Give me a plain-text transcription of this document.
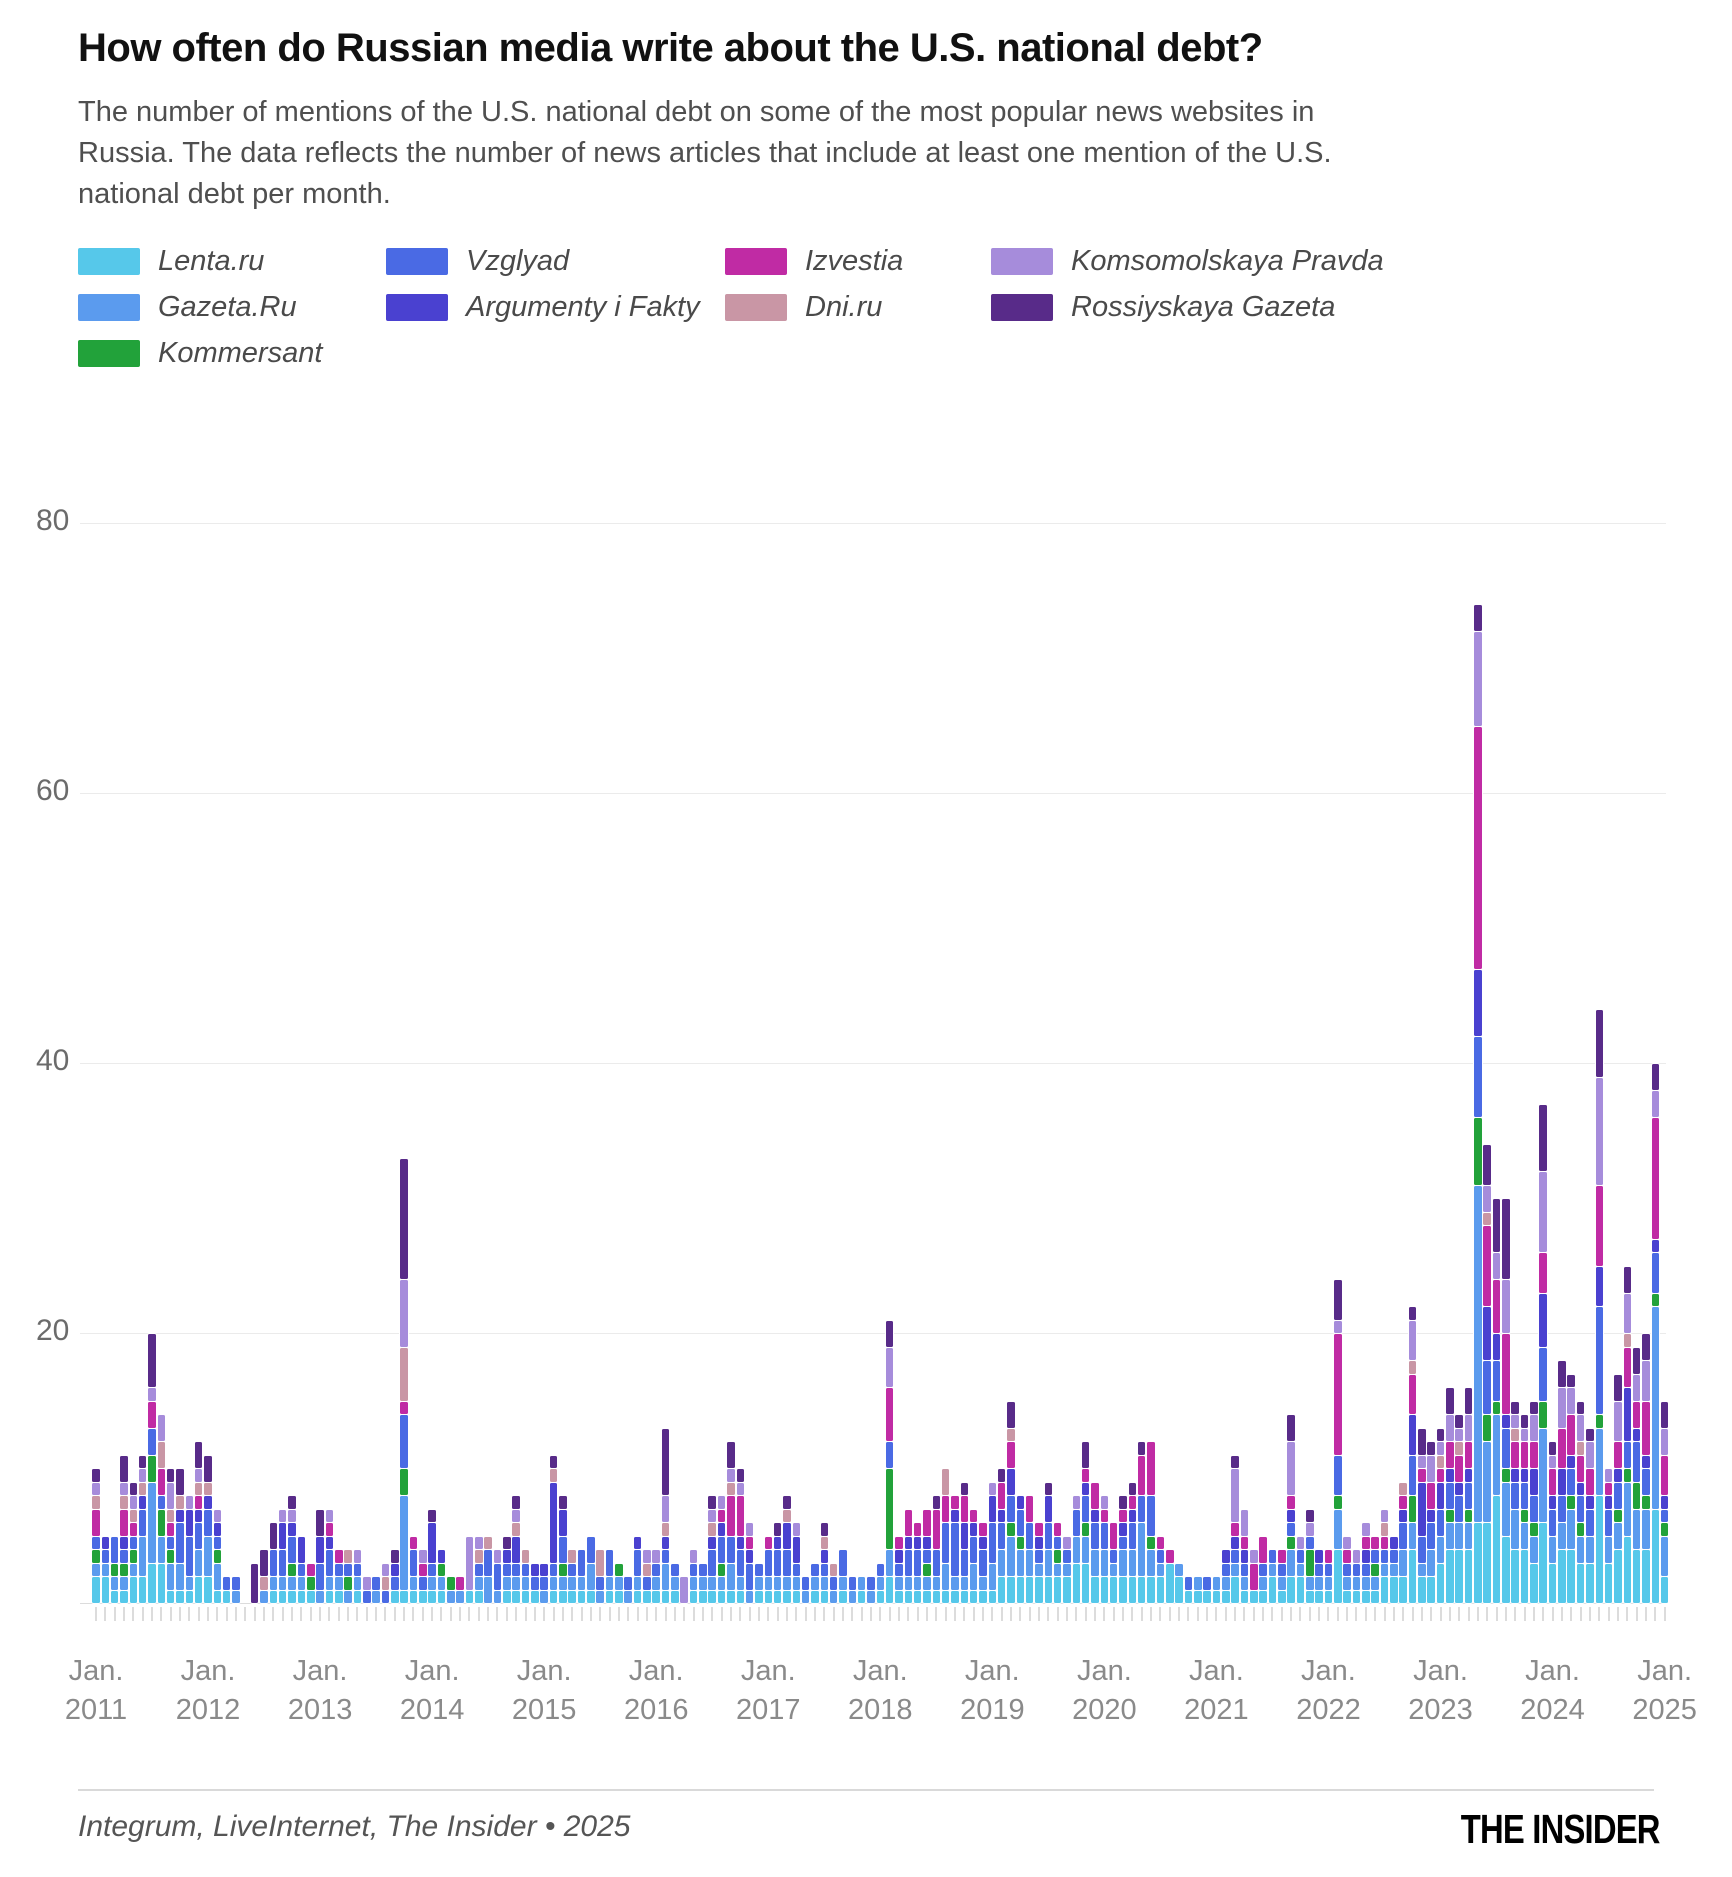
How often do Russian media write about the U.S. national debt?
The number of mentions of the U.S. national debt on some of the most popular news websites in Russia. The data reflects the number of news articles that include at least one mention of the U.S. national debt per month.
Lenta.ru	Vzglyad	Izvestia	Komsomolskaya Pravda
Gazeta.Ru	Argumenty i Fakty	Dni.ru	Rossiyskaya Gazeta
Kommersant
20
40
60
80
Jan.
2011
Jan.
2012
Jan.
2013
Jan.
2014
Jan.
2015
Jan.
2016
Jan.
2017
Jan.
2018
Jan.
2019
Jan.
2020
Jan.
2021
Jan.
2022
Jan.
2023
Jan.
2024
Jan.
2025
Integrum, LiveInternet, The Insider • 2025	THE INSIDER
